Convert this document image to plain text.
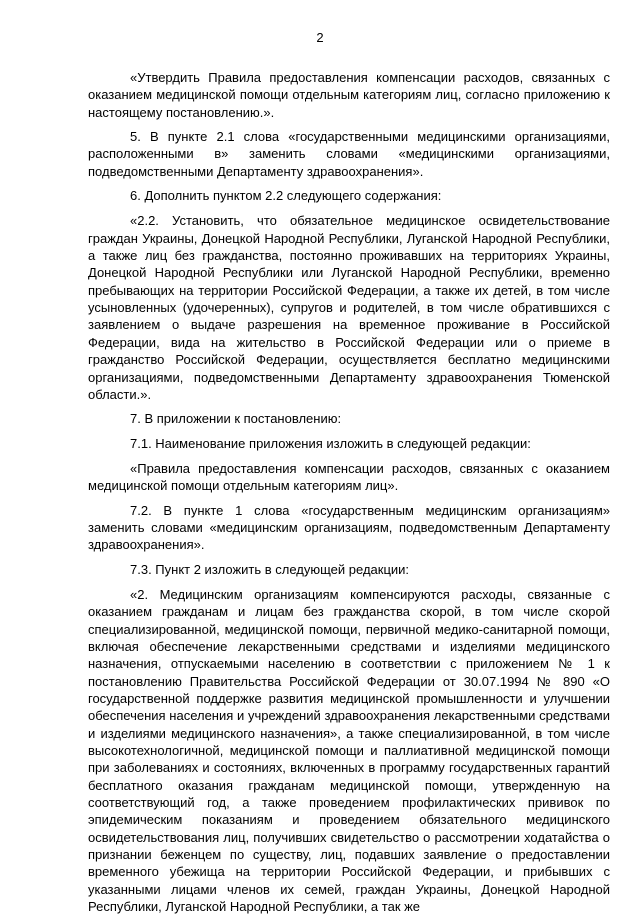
2

«Утвердить Правила предоставления компенсации расходов, связанных с оказанием медицинской помощи отдельным категориям лиц, согласно приложению к настоящему постановлению.».

5. В пункте 2.1 слова «государственными медицинскими организациями, расположенными в» заменить словами «медицинскими организациями, подведомственными Департаменту здравоохранения».

6. Дополнить пунктом 2.2 следующего содержания:

«2.2. Установить, что обязательное медицинское освидетельствование граждан Украины, Донецкой Народной Республики, Луганской Народной Республики, а также лиц без гражданства, постоянно проживавших на территориях Украины, Донецкой Народной Республики или Луганской Народной Республики, временно пребывающих на территории Российской Федерации, а также их детей, в том числе усыновленных (удочеренных), супругов и родителей, в том числе обратившихся с заявлением о выдаче разрешения на временное проживание в Российской Федерации, вида на жительство в Российской Федерации или о приеме в гражданство Российской Федерации, осуществляется бесплатно медицинскими организациями, подведомственными Департаменту здравоохранения Тюменской области.».

7. В приложении к постановлению:

7.1. Наименование приложения изложить в следующей редакции:

«Правила предоставления компенсации расходов, связанных с оказанием медицинской помощи отдельным категориям лиц».

7.2. В пункте 1 слова «государственным медицинским организациям» заменить словами «медицинским организациям, подведомственным Департаменту здравоохранения».

7.3. Пункт 2 изложить в следующей редакции:

«2. Медицинским организациям компенсируются расходы, связанные с оказанием гражданам и лицам без гражданства скорой, в том числе скорой специализированной, медицинской помощи, первичной медико-санитарной помощи, включая обеспечение лекарственными средствами и изделиями медицинского назначения, отпускаемыми населению в соответствии с приложением № 1 к постановлению Правительства Российской Федерации от 30.07.1994 № 890 «О государственной поддержке развития медицинской промышленности и улучшении обеспечения населения и учреждений здравоохранения лекарственными средствами и изделиями медицинского назначения», а также специализированной, в том числе высокотехнологичной, медицинской помощи и паллиативной медицинской помощи при заболеваниях и состояниях, включенных в программу государственных гарантий бесплатного оказания гражданам медицинской помощи, утвержденную на соответствующий год, а также проведением профилактических прививок по эпидемическим показаниям и проведением обязательного медицинского освидетельствования лиц, получивших свидетельство о рассмотрении ходатайства о признании беженцем по существу, лиц, подавших заявление о предоставлении временного убежища на территории Российской Федерации, и прибывших с указанными лицами членов их семей, граждан Украины, Донецкой Народной Республики, Луганской Народной Республики, а так же
